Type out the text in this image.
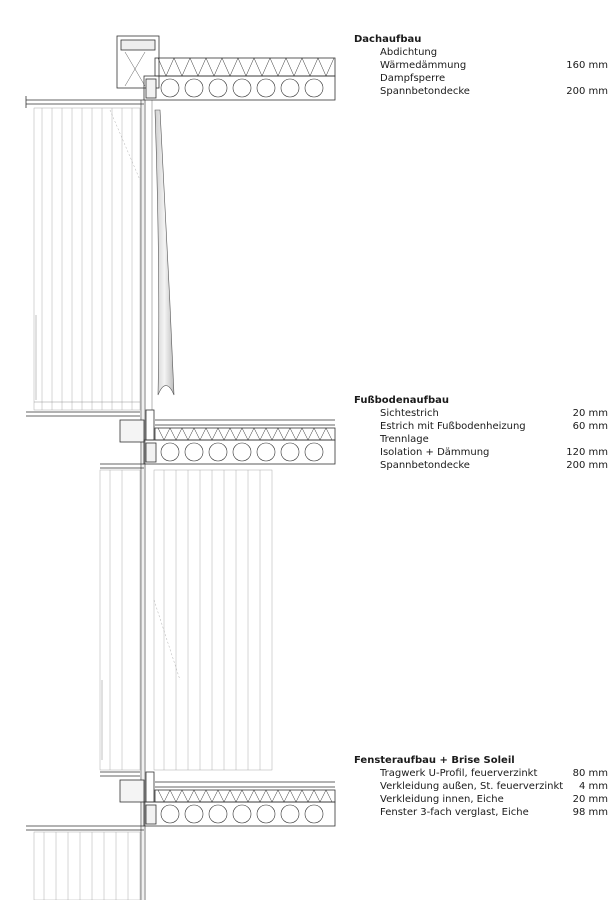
Dachaufbau
Abdichtung
Wärmedämmung	160 mm
Dampfsperre
Spannbetondecke	200 mm
Fußbodenaufbau
Sichtestrich	20 mm
Estrich mit Fußbodenheizung	60 mm
Trennlage
Isolation + Dämmung	120 mm
Spannbetondecke	200 mm
Fensteraufbau + Brise Soleil
Tragwerk U-Profil, feuerverzinkt	80 mm
Verkleidung außen, St. feuerverzinkt 4 mm
Verkleidung innen, Eiche	20 mm
Fenster 3-fach verglast, Eiche	98 mm
